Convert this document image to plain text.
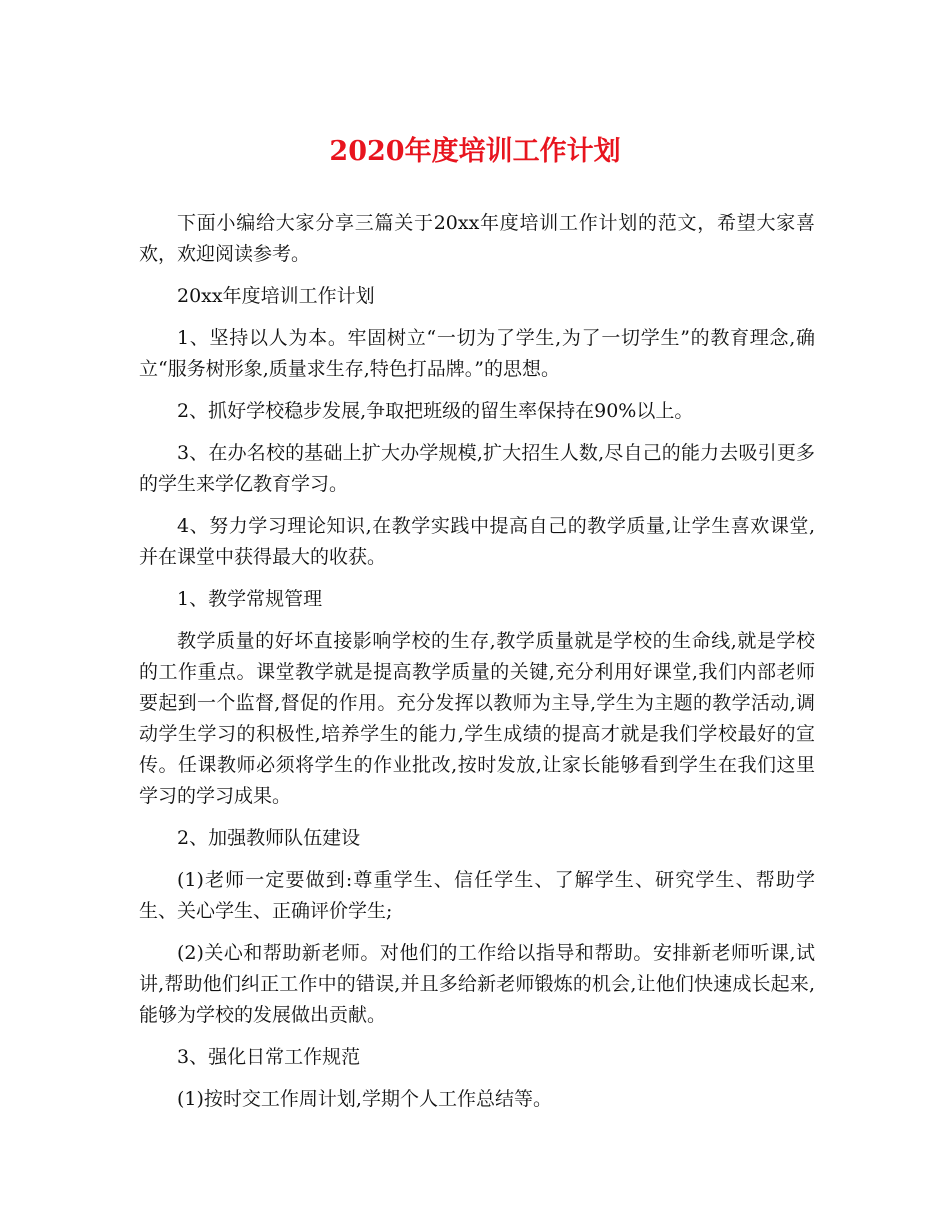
2020年度培训工作计划

下面小编给大家分享三篇关于20xx年度培训工作计划的范文，希望大家喜欢，欢迎阅读参考。

20xx年度培训工作计划

1、坚持以人为本。牢固树立“一切为了学生,为了一切学生”的教育理念,确立“服务树形象,质量求生存,特色打品牌。”的思想。

2、抓好学校稳步发展,争取把班级的留生率保持在90%以上。

3、在办名校的基础上扩大办学规模,扩大招生人数,尽自己的能力去吸引更多的学生来学亿教育学习。

4、努力学习理论知识,在教学实践中提高自己的教学质量,让学生喜欢课堂,并在课堂中获得最大的收获。

1、教学常规管理

教学质量的好坏直接影响学校的生存,教学质量就是学校的生命线,就是学校的工作重点。课堂教学就是提高教学质量的关键,充分利用好课堂,我们内部老师要起到一个监督,督促的作用。充分发挥以教师为主导,学生为主题的教学活动,调动学生学习的积极性,培养学生的能力,学生成绩的提高才就是我们学校最好的宣传。任课教师必须将学生的作业批改,按时发放,让家长能够看到学生在我们这里学习的学习成果。

2、加强教师队伍建设

(1)老师一定要做到:尊重学生、信任学生、了解学生、研究学生、帮助学生、关心学生、正确评价学生;

(2)关心和帮助新老师。对他们的工作给以指导和帮助。安排新老师听课,试讲,帮助他们纠正工作中的错误,并且多给新老师锻炼的机会,让他们快速成长起来,能够为学校的发展做出贡献。

3、强化日常工作规范

(1)按时交工作周计划,学期个人工作总结等。
